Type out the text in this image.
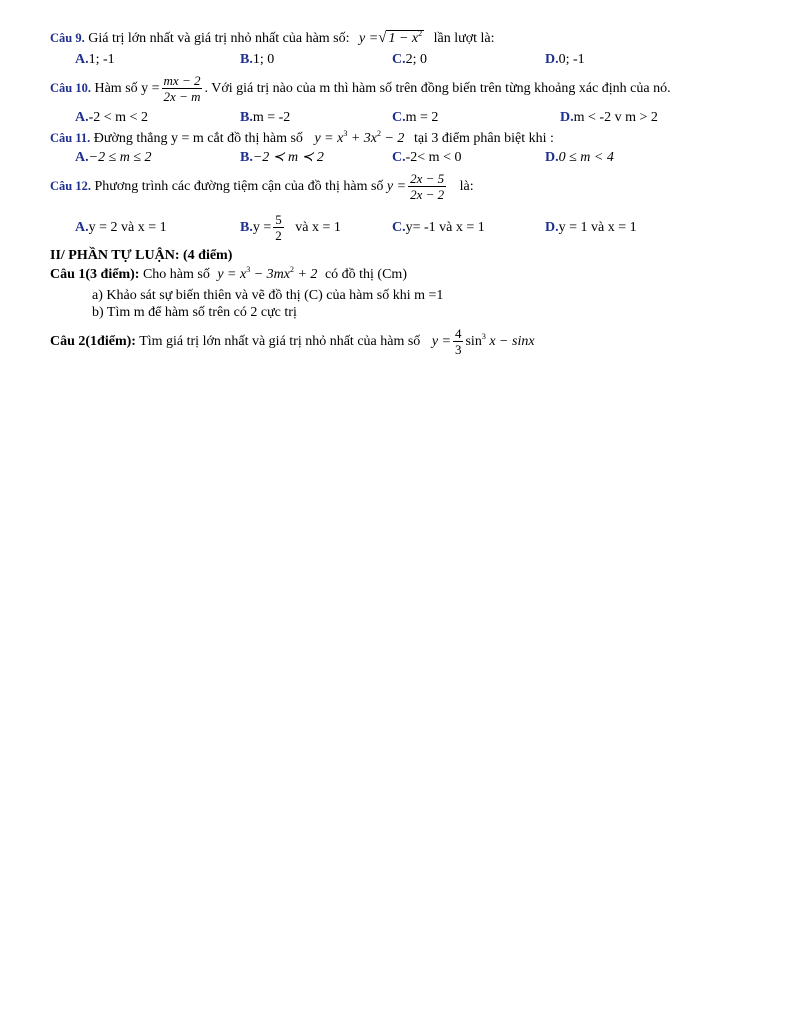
Câu 9. Giá trị lớn nhất và giá trị nhỏ nhất của hàm số: y =√ $1 - x^2$ lần lượt là:
A.1; -1	B.1; 0	C.2; 0	D.0; -1
Câu 10. Hàm số $y = \frac{mx - 2}{2x - m}$ . Với giá trị nào của m thì hàm số trên đồng biến trên từng khoảng xác định của nó.
A.-2 < m < 2	B.m = -2	C.m = 2	D.m < -2 v m > 2
Câu 11. Đường thẳng y = m cắt đồ thị hàm số $y = x^3 + 3x^2 - 2$ tại 3 điểm phân biệt khi :
A.−2 ≤ m ≤ 2	B.−2 ≺ m ≺ 2	C.-2< m < 0	D.0 ≤ m < 4
Câu 12. Phương trình các đường tiệm cận của đồ thị hàm số $y = \frac{2x - 5}{2x - 2}$ là:
A.y = 2 và x = 1	$B.y = \frac{5}{2}$ và x = 1	C.y= -1 và x = 1	D.y = 1 và x = 1
II/ PHẦN TỰ LUẬN: (4 điểm)
Câu 1(3 điểm): Cho hàm số $y = x^3 - 3mx^2 + 2$ có đồ thị (Cm)
a) Khảo sát sự biến thiên và vẽ đồ thị (C) của hàm số khi m =1
b) Tìm m để hàm số trên có 2 cực trị
Câu 2(1điểm): Tìm giá trị lớn nhất và giá trị nhỏ nhất của hàm số $y = \frac{4}{3} \sin^3 x - \sin x$
